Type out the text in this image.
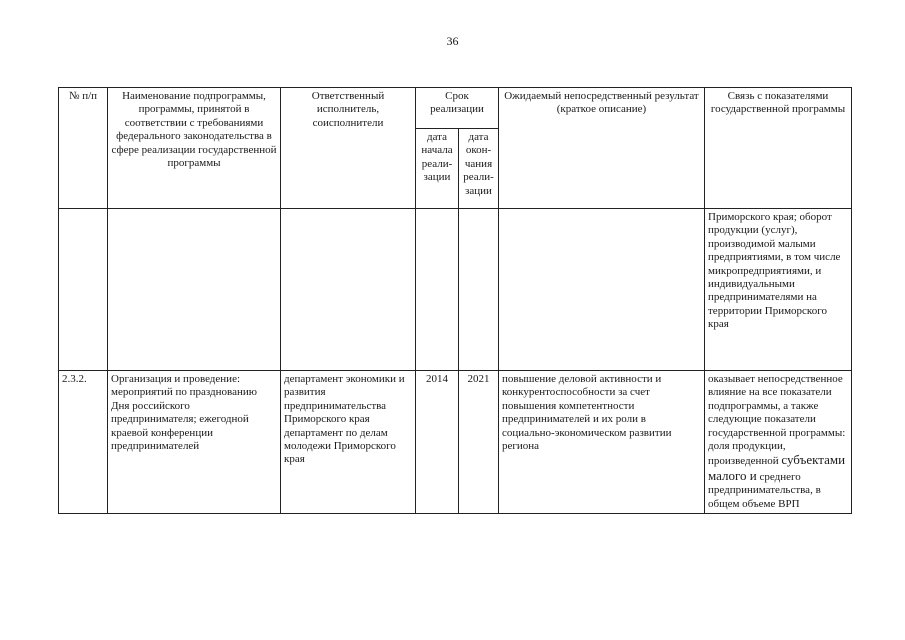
36
№ п/п	Наименование подпрограммы, программы, принятой в соответствии с требованиями федерального законодательства в сфере реализации государственной программы	Ответственный исполнитель, соисполнители	Срок реализации		Ожидаемый непосредственный результат (краткое описание)	Связь с показателями государственной программы
			дата начала реали-зации	дата окон-чания реали-зации		
						Приморского края; оборот продукции (услуг), производимой малыми предприятиями, в том числе микропредприятиями, и индивидуальными предпринимателями на территории Приморского края
2.3.2.	Организация и проведение: мероприятий по празднованию Дня российского предпринимателя; ежегодной краевой конференции предпринимателей	департамент экономики и развития предпринимательства Приморского края департамент по делам молодежи Приморского края	2014	2021	повышение деловой активности и конкурентоспособности за счет повышения компетентности предпринимателей и их роли в социально-экономическом развитии региона	оказывает непосредственное влияние на все показатели подпрограммы, а также следующие показатели государственной программы: доля продукции, произведенной субъектами малого и среднего предпринимательства, в общем объеме ВРП
